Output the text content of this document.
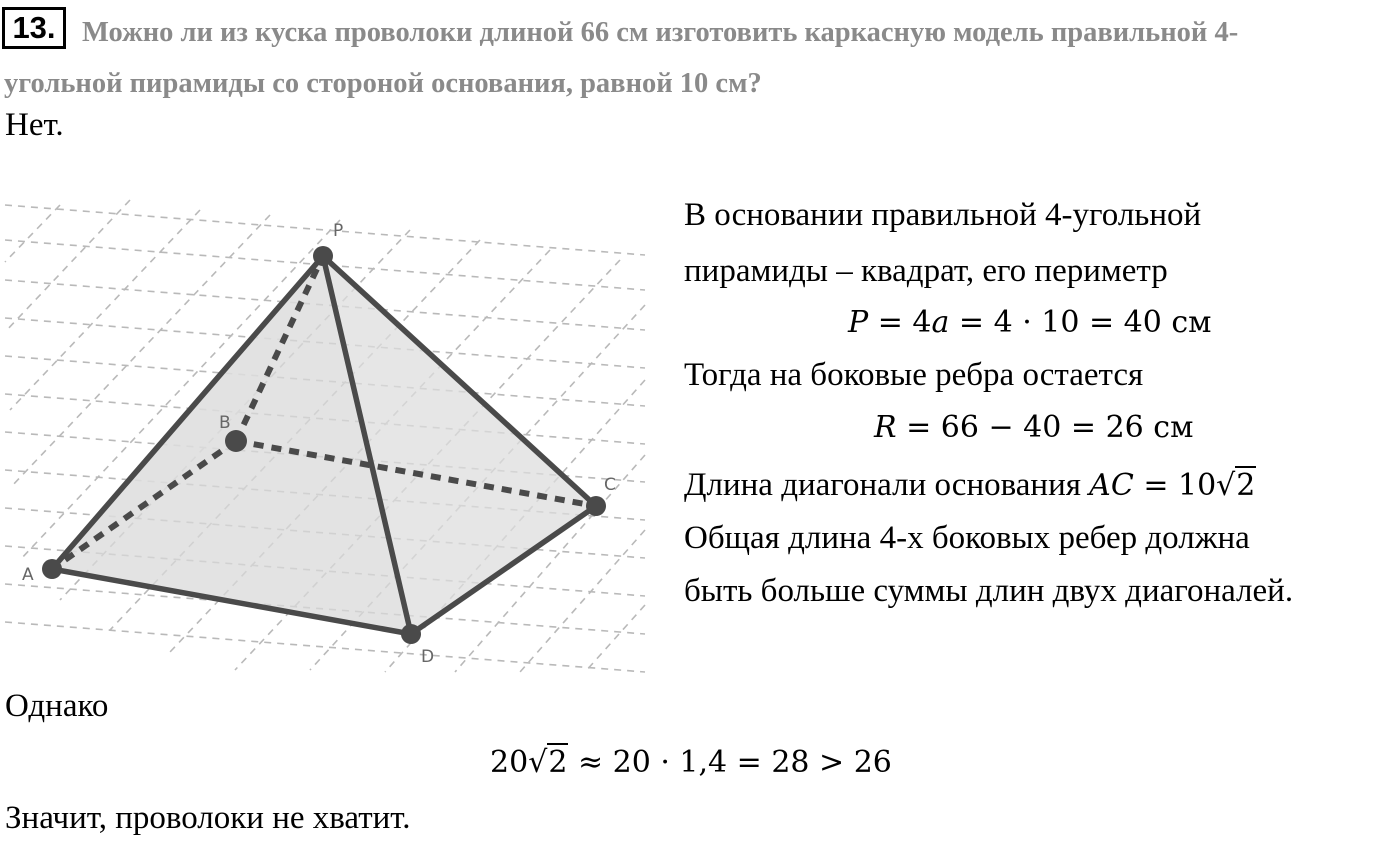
13. Можно ли из куска проволоки длиной 66 см изготовить каркасную модель правильной 4-
угольной пирамиды со стороной основания, равной 10 см?
Нет.
P
A
B
C
D
В основании правильной 4-угольной
пирамиды – квадрат, его периметр
P = 4a = 4 · 10 = 40 см
Тогда на боковые ребра остается
R = 66 − 40 = 26 см
Длина диагонали основания AC = 10√2
Общая длина 4-х боковых ребер должна
быть больше суммы длин двух диагоналей.
Однако
20√2 ≈ 20 · 1,4 = 28 > 26
Значит, проволоки не хватит.
